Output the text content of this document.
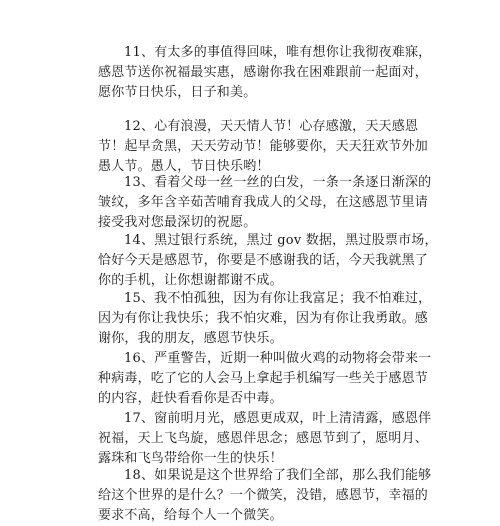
11、有太多的事值得回味，唯有想你让我彻夜难寐，感恩节送你祝福最实惠，感谢你我在困难跟前一起面对，愿你节日快乐，日子和美。

12、心有浪漫，天天情人节！心存感激，天天感恩节！起早贪黑，天天劳动节！能够要你，天天狂欢节外加愚人节。愚人，节日快乐哟！

13、看着父母一丝一丝的白发，一条一条逐日渐深的皱纹，多年含辛茹苦哺育我成人的父母，在这感恩节里请接受我对您最深切的祝愿。

14、黑过银行系统，黑过 gov 数据，黑过股票市场，恰好今天是感恩节，你要是不感谢我的话，今天我就黑了你的手机，让你想谢都谢不成。

15、我不怕孤独，因为有你让我富足；我不怕难过，因为有你让我快乐；我不怕灾难，因为有你让我勇敢。感谢你，我的朋友，感恩节快乐。

16、严重警告，近期一种叫做火鸡的动物将会带来一种病毒，吃了它的人会马上拿起手机编写一些关于感恩节的内容，赶快看看你是否中毒。

17、窗前明月光，感恩更成双，叶上清清露，感恩伴祝福，天上飞鸟旋，感恩伴思念；感恩节到了，愿明月、露珠和飞鸟带给你一生的快乐！

18、如果说是这个世界给了我们全部，那么我们能够给这个世界的是什么？一个微笑，没错，感恩节，幸福的要求不高，给每个人一个微笑。
